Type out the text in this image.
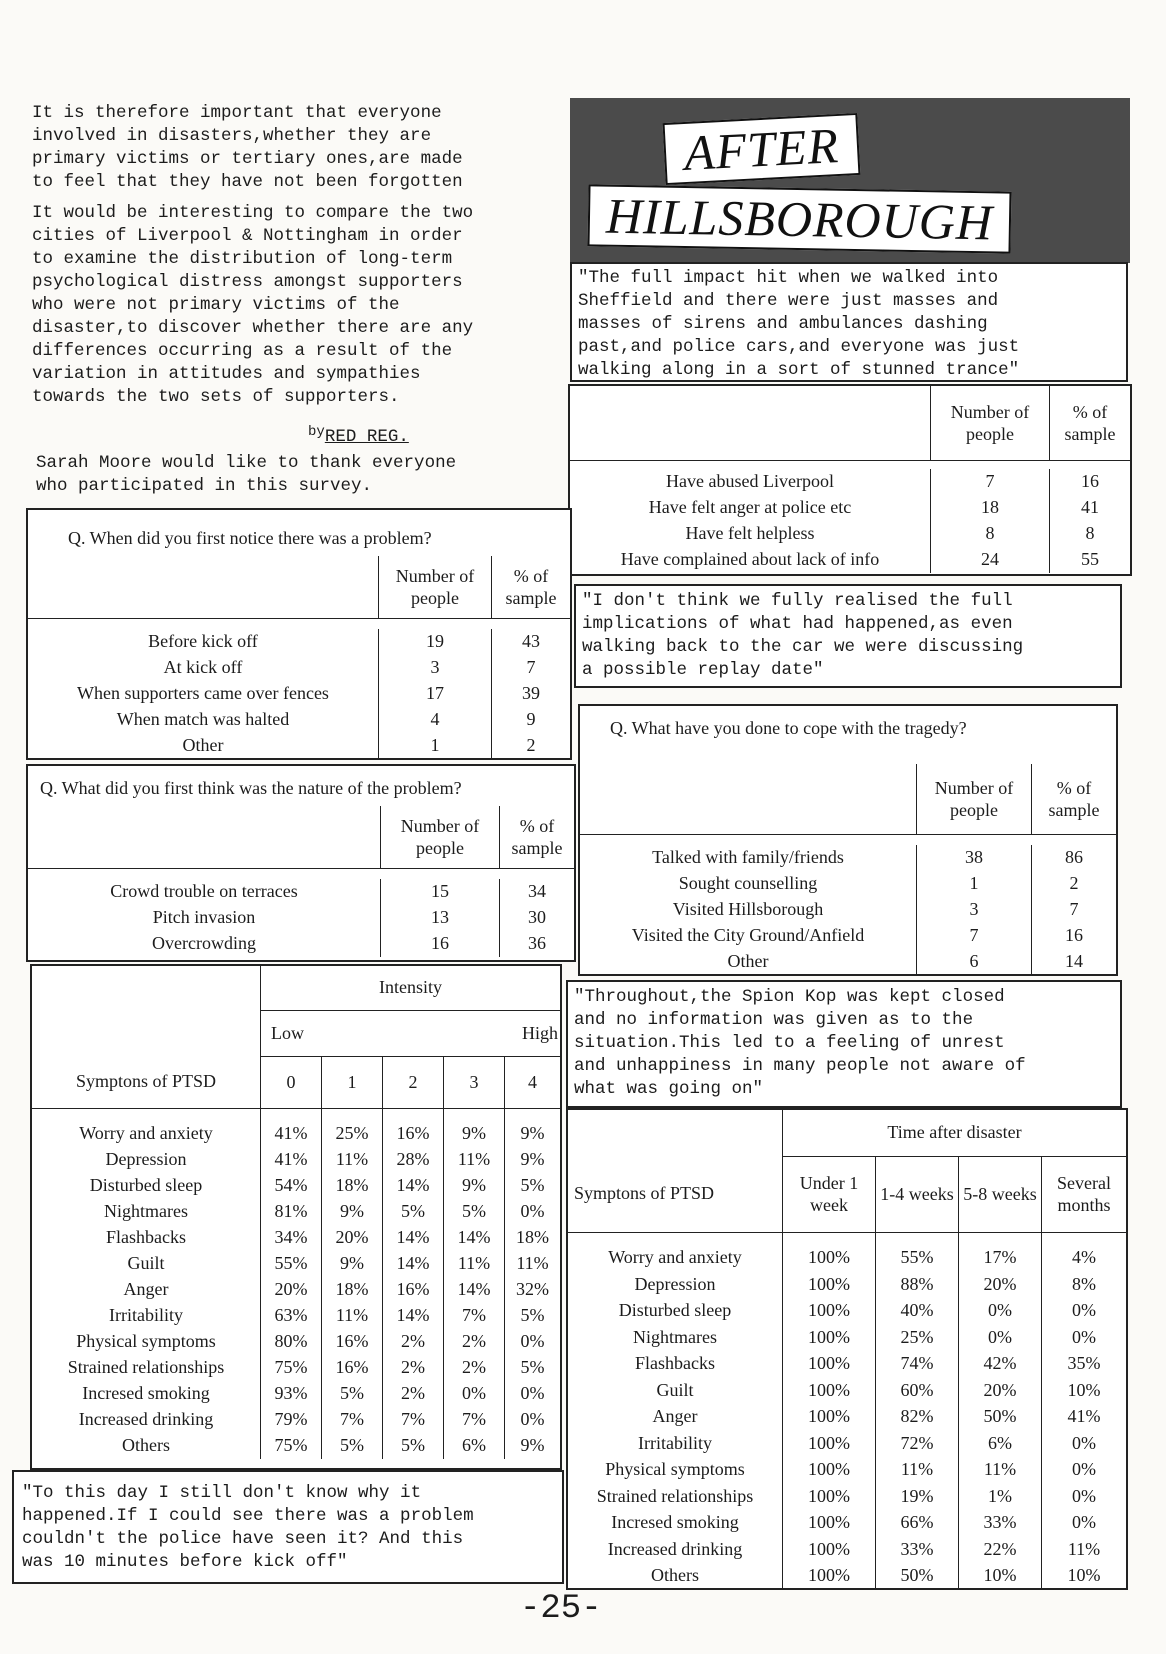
It is therefore important that everyone
involved in disasters,whether they are
primary victims or tertiary ones,are made
to feel that they have not been forgotten
It would be interesting to compare the two
cities of Liverpool & Nottingham in order
to examine the distribution of long-term
psychological distress amongst supporters
who were not primary victims of the
disaster,to discover whether there are any
differences occurring as a result of the
variation in attitudes and sympathies
towards the two sets of supporters.

$^{by}$RED REG.

Sarah Moore would like to thank everyone
who participated in this survey.
AFTER
HILLSBOROUGH
"The full impact hit when we walked into
Sheffield and there were just masses and
masses of sirens and ambulances dashing
past,and police cars,and everyone was just
walking along in a sort of stunned trance"
	Number of people	% of sample

Have abused Liverpool	7	16
Have felt anger at police etc	18	41
Have felt helpless	8	8
Have complained about lack of info	24	55
Q. When did you first notice there was a problem?
	Number of people	% of sample

Before kick off	19	43
At kick off	3	7
When supporters came over fences	17	39
When match was halted	4	9
Other	1	2
"I don't think we fully realised the full
implications of what had happened,as even
walking back to the car we were discussing
a possible replay date"
Q. What did you first think was the nature of the problem?
	Number of people	% of sample

Crowd trouble on terraces	15	34
Pitch invasion	13	30
Overcrowding	16	36
Q. What have you done to cope with the tragedy?
	Number of people	% of sample

Talked with family/friends	38	86
Sought counselling	1	2
Visited Hillsborough	3	7
Visited the City Ground/Anfield	7	16
Other	6	14
	Intensity				

	Low High				

Symptons of PTSD	0	1	2	3	4

Worry and anxiety	41%	25%	16%	9%	9%
Depression	41%	11%	28%	11%	9%
Disturbed sleep	54%	18%	14%	9%	5%
Nightmares	81%	9%	5%	5%	0%
Flashbacks	34%	20%	14%	14%	18%
Guilt	55%	9%	14%	11%	11%
Anger	20%	18%	16%	14%	32%
Irritability	63%	11%	14%	7%	5%
Physical symptoms	80%	16%	2%	2%	0%
Strained relationships	75%	16%	2%	2%	5%
Incresed smoking	93%	5%	2%	0%	0%
Increased drinking	79%	7%	7%	7%	0%
Others	75%	5%	5%	6%	9%
"Throughout,the Spion Kop was kept closed
and no information was given as to the
situation.This led to a feeling of unrest
and unhappiness in many people not aware of
what was going on"
	Time after disaster			
Symptons of PTSD	Under 1 week	1-4 weeks	5-8 weeks	Several months

Worry and anxiety	100%	55%	17%	4%
Depression	100%	88%	20%	8%
Disturbed sleep	100%	40%	0%	0%
Nightmares	100%	25%	0%	0%
Flashbacks	100%	74%	42%	35%
Guilt	100%	60%	20%	10%
Anger	100%	82%	50%	41%
Irritability	100%	72%	6%	0%
Physical symptoms	100%	11%	11%	0%
Strained relationships	100%	19%	1%	0%
Incresed smoking	100%	66%	33%	0%
Increased drinking	100%	33%	22%	11%
Others	100%	50%	10%	10%
"To this day I still don't know why it
happened.If I could see there was a problem
couldn't the police have seen it? And this
was 10 minutes before kick off"
-25-
